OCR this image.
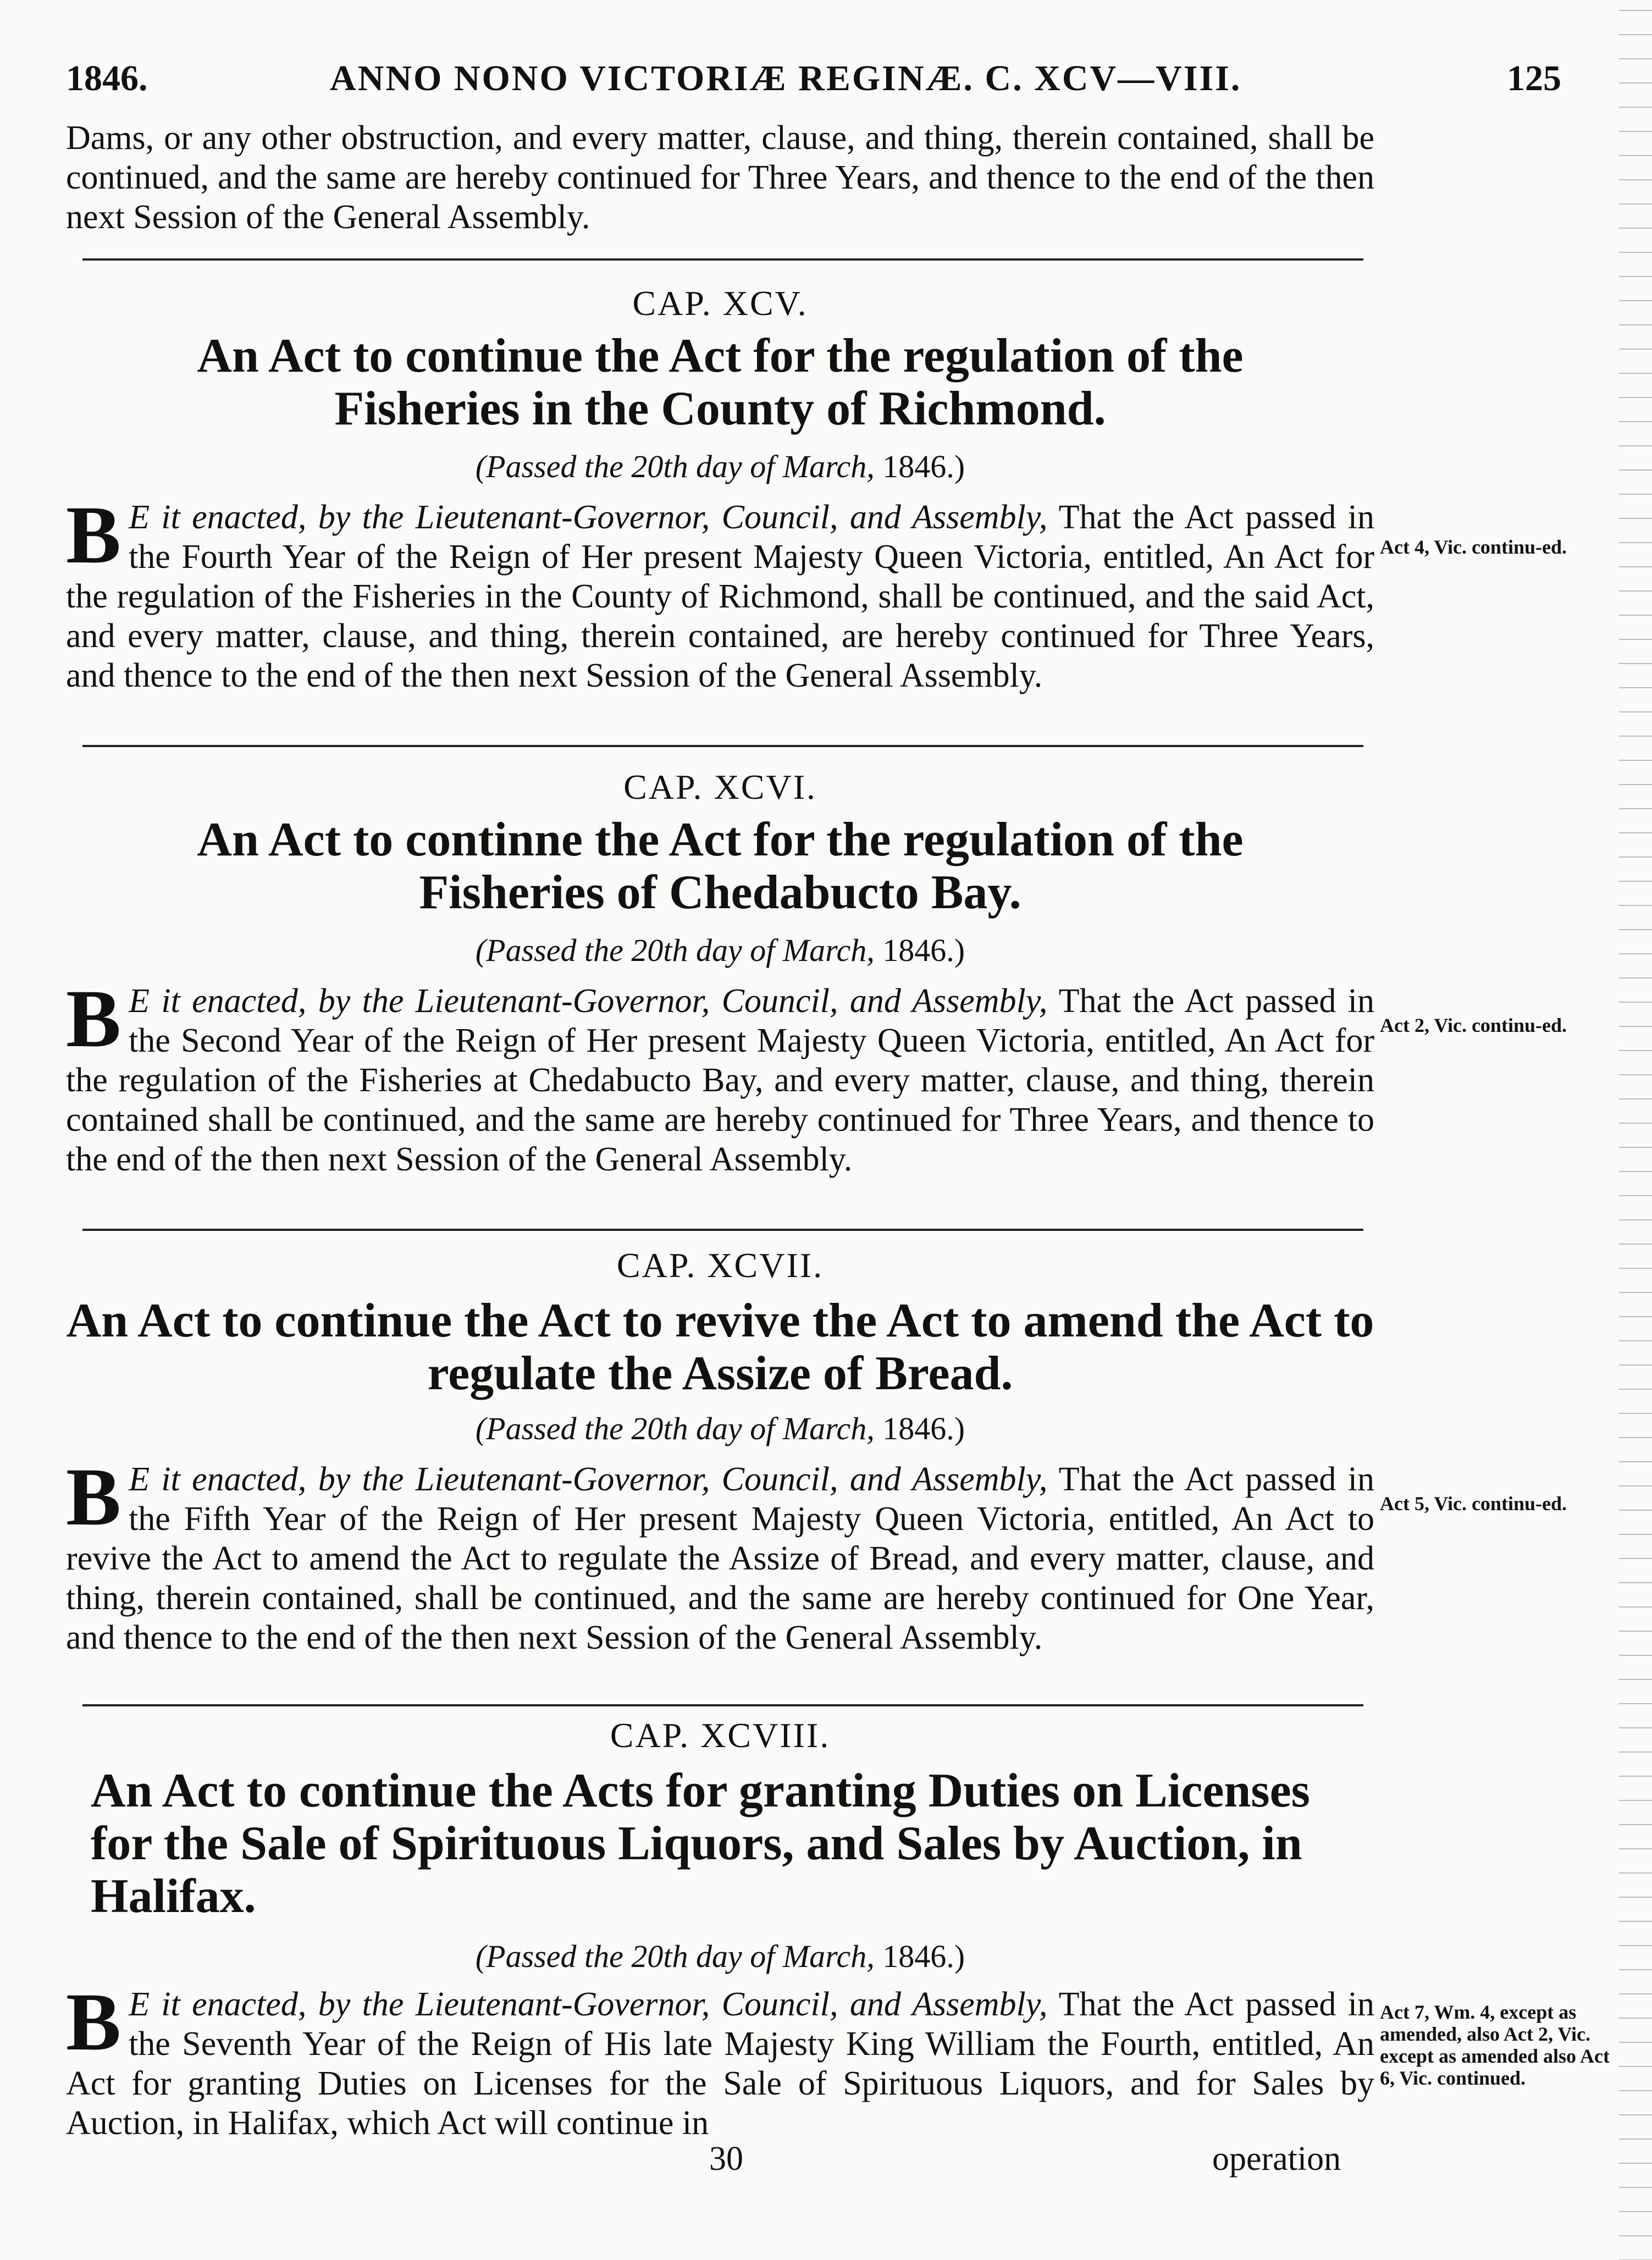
1846.	ANNO NONO VICTORIÆ REGINÆ. C. XCV—VIII.	125

Dams, or any other obstruction, and every matter, clause, and thing, therein contained, shall be continued, and the same are hereby continued for Three Years, and thence to the end of the then next Session of the General Assembly.

CAP. XCV.
An Act to continue the Act for the regulation of the Fisheries in the County of Richmond.
(Passed the 20th day of March, 1846.)

B E it enacted, by the Lieutenant-Governor, Council, and Assembly, That the Act passed in the Fourth Year of the Reign of Her present Majesty Queen Victoria, entitled, An Act for the regulation of the Fisheries in the County of Richmond, shall be continued, and the said Act, and every matter, clause, and thing, therein contained, are hereby continued for Three Years, and thence to the end of the then next Session of the General Assembly.

Act 4, Vic. continu-ed.
CAP. XCVI.
An Act to continne the Act for the regulation of the Fisheries of Chedabucto Bay.
(Passed the 20th day of March, 1846.)

B E it enacted, by the Lieutenant-Governor, Council, and Assembly, That the Act passed in the Second Year of the Reign of Her present Majesty Queen Victoria, entitled, An Act for the regulation of the Fisheries at Chedabucto Bay, and every matter, clause, and thing, therein contained shall be continued, and the same are hereby continued for Three Years, and thence to the end of the then next Session of the General Assembly.

Act 2, Vic. continu-ed.
CAP. XCVII.
An Act to continue the Act to revive the Act to amend the Act to regulate the Assize of Bread.
(Passed the 20th day of March, 1846.)

B E it enacted, by the Lieutenant-Governor, Council, and Assembly, That the Act passed in the Fifth Year of the Reign of Her present Majesty Queen Victoria, entitled, An Act to revive the Act to amend the Act to regulate the Assize of Bread, and every matter, clause, and thing, therein contained, shall be continued, and the same are hereby continued for One Year, and thence to the end of the then next Session of the General Assembly.

Act 5, Vic. continu-ed.
CAP. XCVIII.
An Act to continue the Acts for granting Duties on Licenses for the Sale of Spirituous Liquors, and Sales by Auction, in Halifax.
(Passed the 20th day of March, 1846.)

B E it enacted, by the Lieutenant-Governor, Council, and Assembly, That the Act passed in the Seventh Year of the Reign of His late Majesty King William the Fourth, entitled, An Act for granting Duties on Licenses for the Sale of Spirituous Liquors, and for Sales by Auction, in Halifax, which Act will continue in

Act 7, Wm. 4, except as amended, also Act 2, Vic. except as amended also Act 6, Vic. continued.
30	operation
